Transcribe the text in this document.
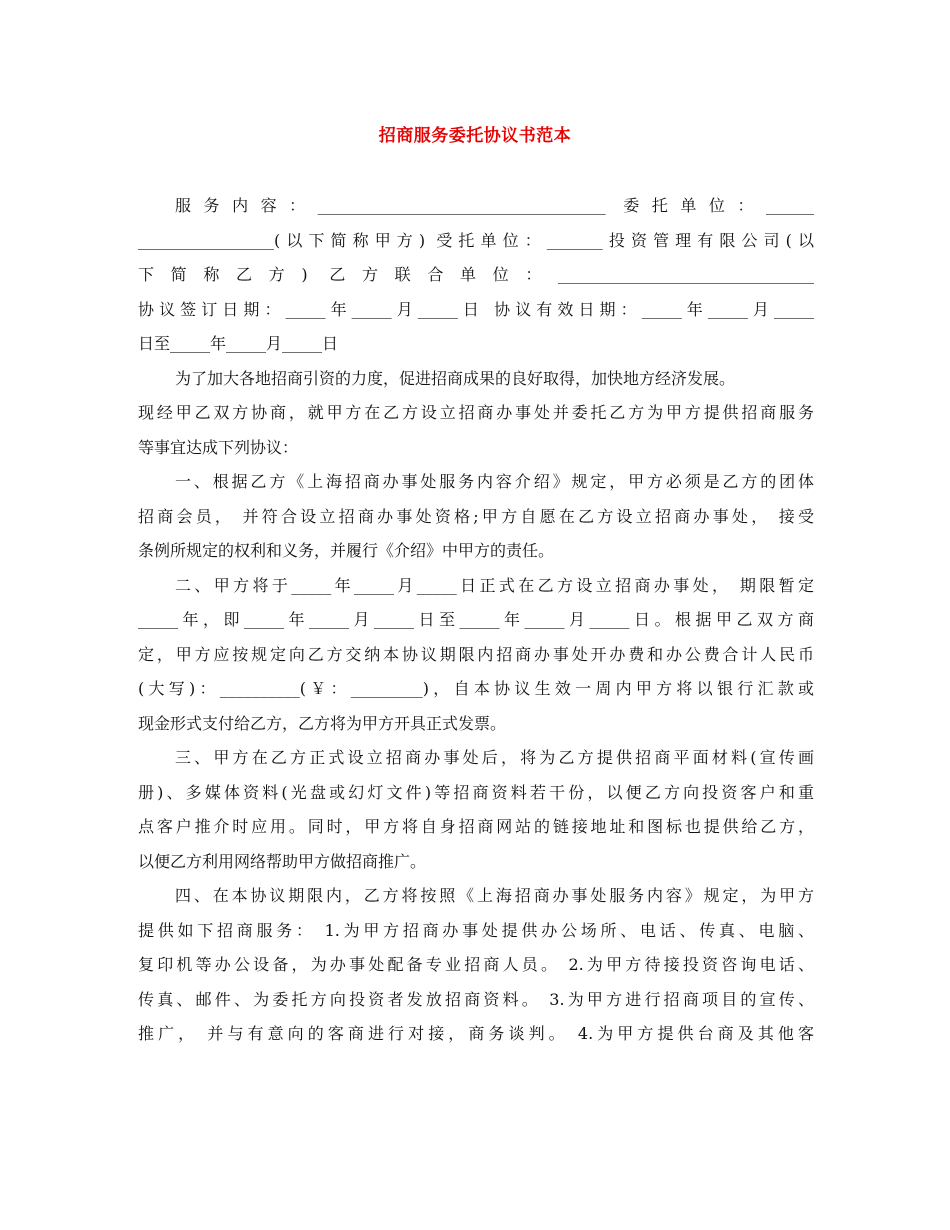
招商服务委托协议书范本
服务内容：____________________________________ 委托单位：______
_________________(以下简称甲方) 受托单位：_______投资管理有限公司(以
下简称乙方) 乙方联合单位：________________________________
协议签订日期：_____年_____月_____日 协议有效日期：_____年_____月_____
日至_____年_____月_____日
为了加大各地招商引资的力度，促进招商成果的良好取得，加快地方经济发展。
现经甲乙双方协商，就甲方在乙方设立招商办事处并委托乙方为甲方提供招商服务
等事宜达成下列协议：
一、根据乙方《上海招商办事处服务内容介绍》规定，甲方必须是乙方的团体
招商会员， 并符合设立招商办事处资格;甲方自愿在乙方设立招商办事处， 接受
条例所规定的权利和义务，并履行《介绍》中甲方的责任。
二、甲方将于_____年_____月_____日正式在乙方设立招商办事处， 期限暂定
_____年，即_____年_____月_____日至_____年_____月_____日。根据甲乙双方商
定，甲方应按规定向乙方交纳本协议期限内招商办事处开办费和办公费合计人民币
(大写)：__________(￥：_________)，自本协议生效一周内甲方将以银行汇款或
现金形式支付给乙方，乙方将为甲方开具正式发票。
三、甲方在乙方正式设立招商办事处后，将为乙方提供招商平面材料(宣传画
册)、多媒体资料(光盘或幻灯文件)等招商资料若干份，以便乙方向投资客户和重
点客户推介时应用。同时，甲方将自身招商网站的链接地址和图标也提供给乙方，
以便乙方利用网络帮助甲方做招商推广。
四、在本协议期限内，乙方将按照《上海招商办事处服务内容》规定，为甲方
提供如下招商服务： 1.为甲方招商办事处提供办公场所、电话、传真、电脑、
复印机等办公设备，为办事处配备专业招商人员。 2.为甲方待接投资咨询电话、
传真、邮件、为委托方向投资者发放招商资料。 3.为甲方进行招商项目的宣传、
推广， 并与有意向的客商进行对接，商务谈判。 4.为甲方提供台商及其他客
